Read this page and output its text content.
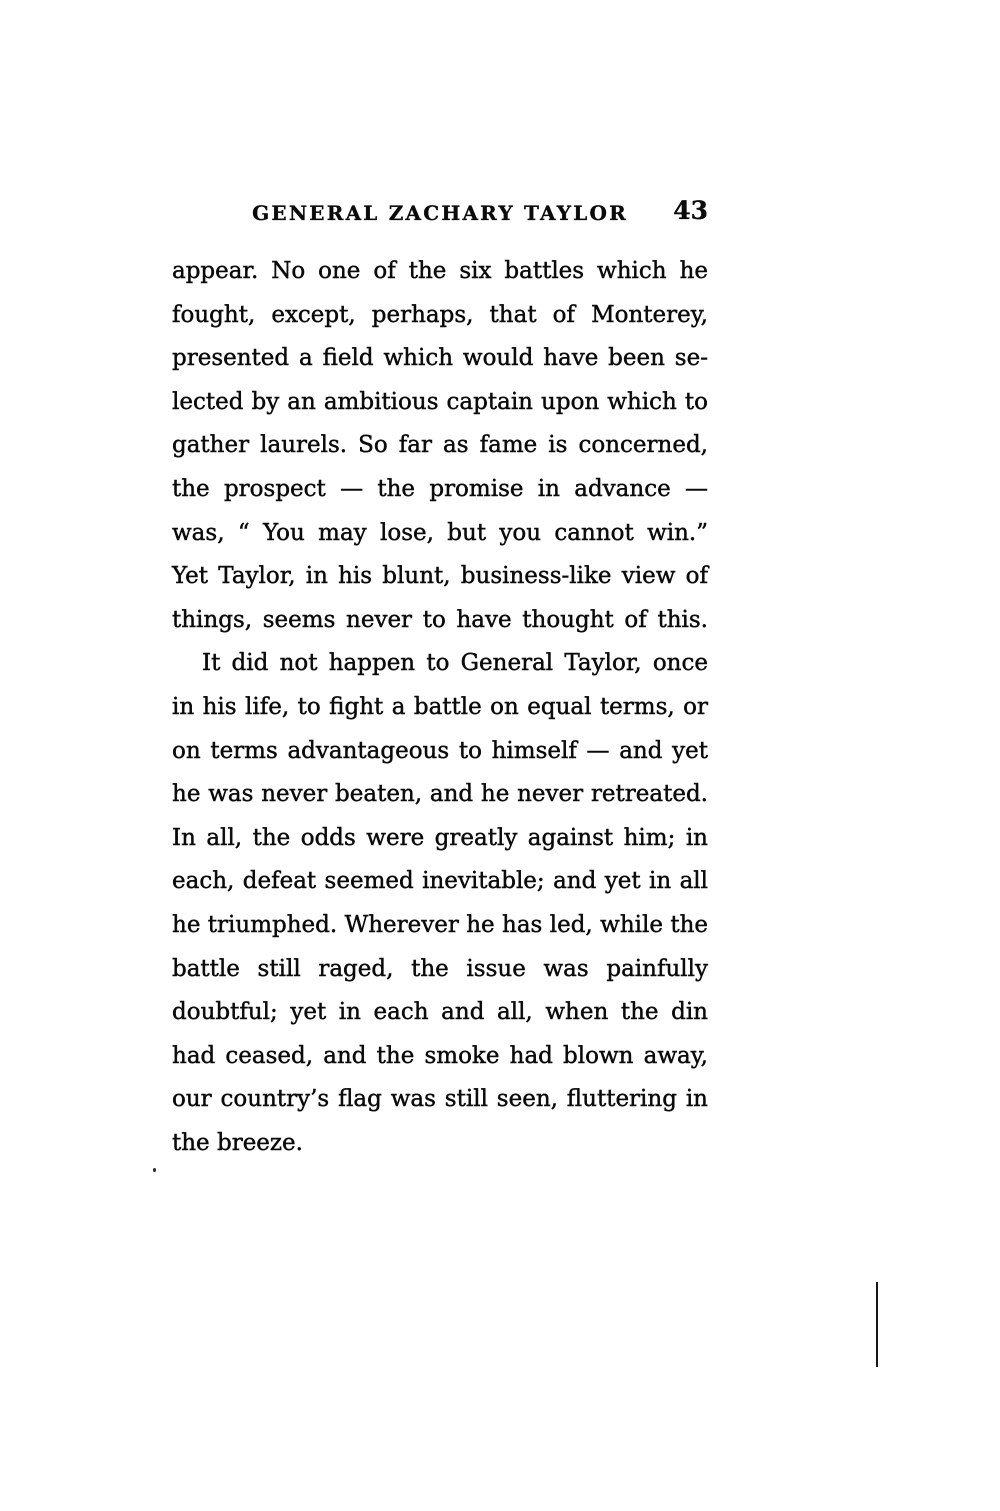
GENERAL ZACHARY TAYLOR 43
appear. No one of the six battles which he
fought, except, perhaps, that of Monterey,
presented a field which would have been se-
lected by an ambitious captain upon which to
gather laurels. So far as fame is concerned,
the prospect — the promise in advance —
was, “ You may lose, but you cannot win.”
Yet Taylor, in his blunt, business-like view of
things, seems never to have thought of this.
It did not happen to General Taylor, once
in his life, to fight a battle on equal terms, or
on terms advantageous to himself — and yet
he was never beaten, and he never retreated.
In all, the odds were greatly against him; in
each, defeat seemed inevitable; and yet in all
he triumphed. Wherever he has led, while the
battle still raged, the issue was painfully
doubtful; yet in each and all, when the din
had ceased, and the smoke had blown away,
our country’s flag was still seen, fluttering in
the breeze.
